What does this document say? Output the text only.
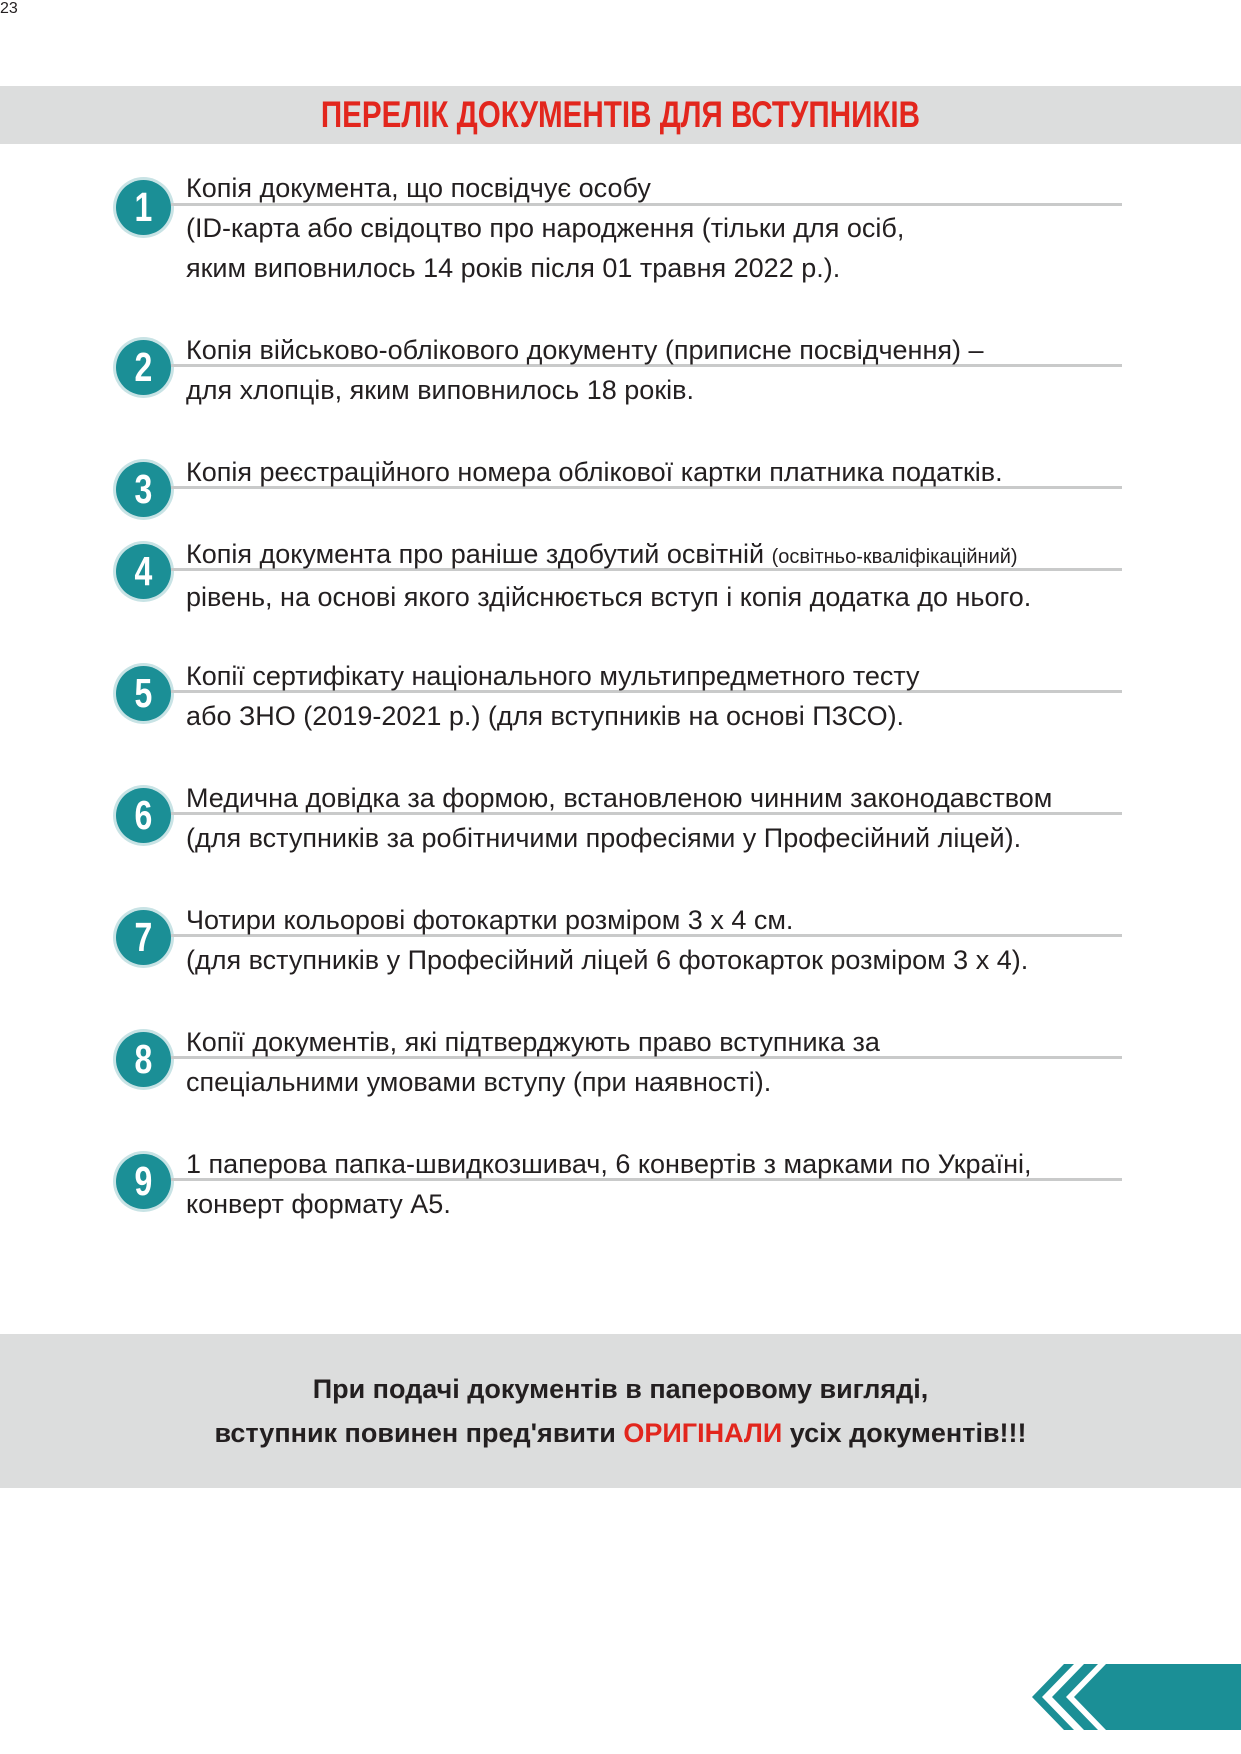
ПЕРЕЛІК ДОКУМЕНТІВ ДЛЯ ВСТУПНИКІВ
1 Копія документа, що посвідчує особу
(ID-карта або свідоцтво про народження (тільки для осіб,
яким виповнилось 14 років після 01 травня 2022 р.).
2 Копія військово-облікового документу (приписне посвідчення) –
для хлопців, яким виповнилось 18 років.
3 Копія реєстраційного номера облікової картки платника податків.
4 Копія документа про раніше здобутий освітній (освітньо-кваліфікаційний)
рівень, на основі якого здійснюється вступ і копія додатка до нього.
5 Копії сертифікату національного мультипредметного тесту
або ЗНО (2019-2021 р.) (для вступників на основі ПЗСО).
6 Медична довідка за формою, встановленою чинним законодавством
(для вступників за робітничими професіями у Професійний ліцей).
7 Чотири кольорові фотокартки розміром 3 х 4 см.
(для вступників у Професійний ліцей 6 фотокарток розміром 3 х 4).
8 Копії документів, які підтверджують право вступника за
спеціальними умовами вступу (при наявності).
9 1 паперова папка-швидкозшивач, 6 конвертів з марками по Україні,
конверт формату А5.

При подачі документів в паперовому вигляді,

вступник повинен пред'явити ОРИГІНАЛИ усіх документів!!!

23
